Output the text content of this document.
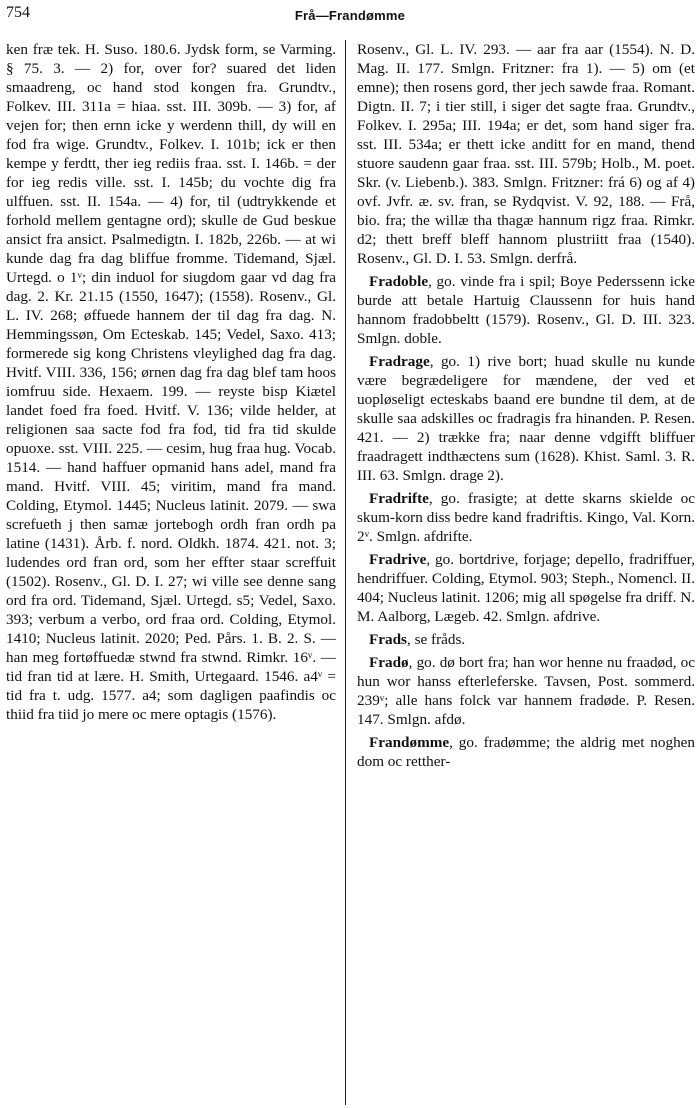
754	Frå—Frandømme

ken fræ tek. H. Suso. 180.6. Jydsk form, se Varming. § 75. 3. — 2) for, over for? suared det liden smaadreng, oc hand stod kongen fra. Grundtv., Folkev. III. 311a = hiaa. sst. III. 309b. — 3) for, af vejen for; then ernn icke y werdenn thill, dy will en fod fra wige. Grundtv., Folkev. I. 101b; ick er then kempe y ferdtt, ther ieg rediis fraa. sst. I. 146b. = der for ieg redis ville. sst. I. 145b; du vochte dig fra ulffuen. sst. II. 154a. — 4) for, til (udtrykkende et forhold mellem gentagne ord); skulle de Gud beskue ansict fra ansict. Psalmedigtn. I. 182b, 226b. — at wi kunde dag fra dag bliffue fromme. Tidemand, Sjæl. Urtegd. o 1ᵛ; din induol for siugdom gaar vd dag fra dag. 2. Kr. 21.15 (1550, 1647); (1558). Rosenv., Gl. L. IV. 268; øffuede hannem der til dag fra dag. N. Hemmingssøn, Om Ecteskab. 145; Vedel, Saxo. 413; formerede sig kong Christens vleylighed dag fra dag. Hvitf. VIII. 336, 156; ørnen dag fra dag blef tam hoos iomfruu side. Hexaem. 199. — reyste bisp Kiætel landet foed fra foed. Hvitf. V. 136; vilde helder, at religionen saa sacte fod fra fod, tid fra tid skulde opuoxe. sst. VIII. 225. — cesim, hug fraa hug. Vocab. 1514. — hand haffuer opmanid hans adel, mand fra mand. Hvitf. VIII. 45; viritim, mand fra mand. Colding, Etymol. 1445; Nucleus latinit. 2079. — swa screfueth j then samæ jortebogh ordh fran ordh pa latine (1431). Årb. f. nord. Oldkh. 1874. 421. not. 3; ludendes ord fran ord, som her effter staar screffuit (1502). Rosenv., Gl. D. I. 27; wi ville see denne sang ord fra ord. Tidemand, Sjæl. Urtegd. s5; Vedel, Saxo. 393; verbum a verbo, ord fraa ord. Colding, Etymol. 1410; Nucleus latinit. 2020; Ped. Pårs. 1. B. 2. S. — han meg fortøffuedæ stwnd fra stwnd. Rimkr. 16ᵛ. — tid fran tid at lære. H. Smith, Urtegaard. 1546. a4ᵛ = tid fra t. udg. 1577. a4; som dagligen paafindis oc thiid fra tiid jo mere oc mere optagis (1576).

Rosenv., Gl. L. IV. 293. — aar fra aar (1554). N. D. Mag. II. 177. Smlgn. Fritzner: fra 1). — 5) om (et emne); then rosens gord, ther jech sawde fraa. Romant. Digtn. II. 7; i tier still, i siger det sagte fraa. Grundtv., Folkev. I. 295a; III. 194a; er det, som hand siger fra. sst. III. 534a; er thett icke anditt for en mand, thend stuore saudenn gaar fraa. sst. III. 579b; Holb., M. poet. Skr. (v. Liebenb.). 383. Smlgn. Fritzner: frá 6) og af 4) ovf. Jvfr. æ. sv. fran, se Rydqvist. V. 92, 188. — Frå, bio. fra; the willæ tha thagæ hannum rigz fraa. Rimkr. d2; thett breff bleff hannom plustriitt fraa (1540). Rosenv., Gl. D. I. 53. Smlgn. derfrå.

Fradoble, go. vinde fra i spil; Boye Pederssenn icke burde att betale Hartuig Claussenn for huis hand hannom fradobbeltt (1579). Rosenv., Gl. D. III. 323. Smlgn. doble.

Fradrage, go. 1) rive bort; huad skulle nu kunde være begrædeligere for mændene, der ved et uopløseligt ecteskabs baand ere bundne til dem, at de skulle saa adskilles oc fradragis fra hinanden. P. Resen. 421. — 2) trække fra; naar denne vdgifft bliffuer fraadragett indthæctens sum (1628). Khist. Saml. 3. R. III. 63. Smlgn. drage 2).

Fradrifte, go. frasigte; at dette skarns skielde oc skum-korn diss bedre kand fradriftis. Kingo, Val. Korn. 2ᵛ. Smlgn. afdrifte.

Fradrive, go. bortdrive, forjage; depello, fradriffuer, hendriffuer. Colding, Etymol. 903; Steph., Nomencl. II. 404; Nucleus latinit. 1206; mig all spøgelse fra driff. N. M. Aalborg, Lægeb. 42. Smlgn. afdrive.

Frads, se fråds.

Fradø, go. dø bort fra; han wor henne nu fraadød, oc hun wor hanss efterleferske. Tavsen, Post. sommerd. 239ᵛ; alle hans folck var hannem fradøde. P. Resen. 147. Smlgn. afdø.

Frandømme, go. fradømme; the aldrig met noghen dom oc retther-
